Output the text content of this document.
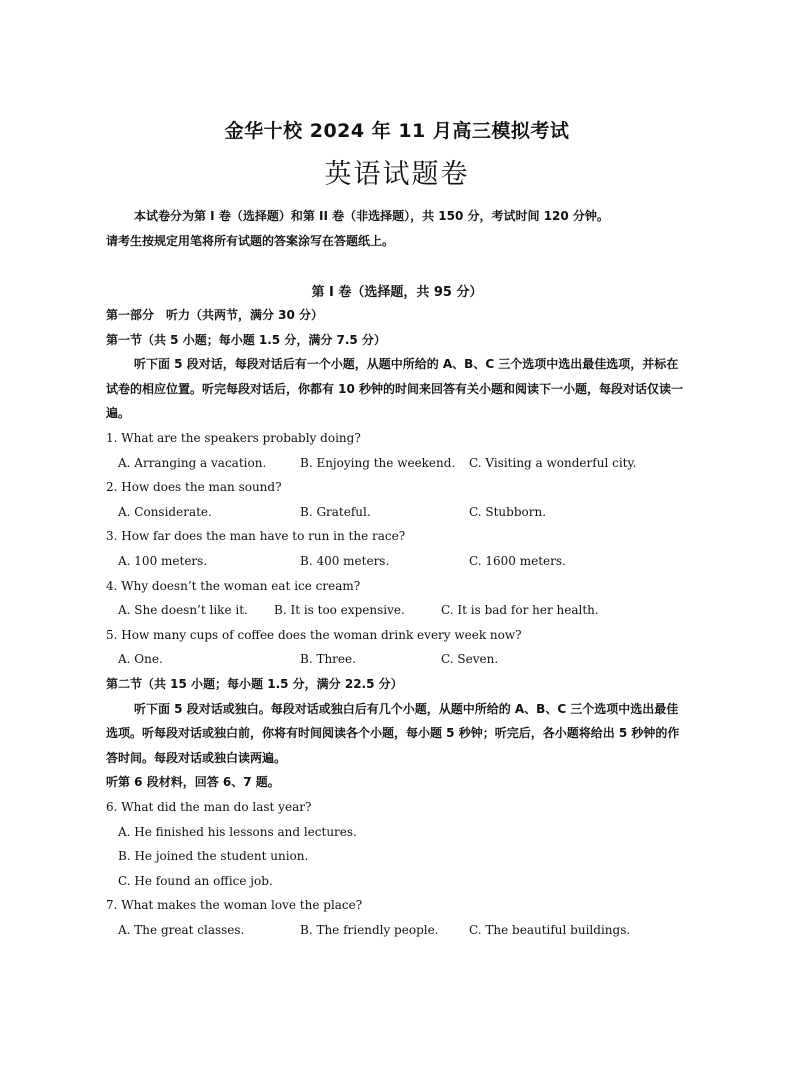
金华十校 2024 年 11 月高三模拟考试
英语试题卷

本试卷分为第 I 卷（选择题）和第 II 卷（非选择题），共 150 分，考试时间 120 分钟。

请考生按规定用笔将所有试题的答案涂写在答题纸上。

第 I 卷（选择题，共 95 分）
第一部分　听力（共两节，满分 30 分）
第一节（共 5 小题；每小题 1.5 分，满分 7.5 分）

听下面 5 段对话，每段对话后有一个小题，从题中所给的 A、B、C 三个选项中选出最佳选项，并标在试卷的相应位置。听完每段对话后，你都有 10 秒钟的时间来回答有关小题和阅读下一小题，每段对话仅读一遍。

1. What are the speakers probably doing?
A. Arranging a vacation.	B. Enjoying the weekend. C. Visiting a wonderful city.
2. How does the man sound?
A. Considerate.	B. Grateful.	C. Stubborn.
3. How far does the man have to run in the race?
A. 100 meters.	B. 400 meters.	C. 1600 meters.
4. Why doesn’t the woman eat ice cream?
A. She doesn’t like it. B. It is too expensive.	C. It is bad for her health.
5. How many cups of coffee does the woman drink every week now?
A. One.	B. Three.	C. Seven.
第二节（共 15 小题；每小题 1.5 分，满分 22.5 分）

听下面 5 段对话或独白。每段对话或独白后有几个小题，从题中所给的 A、B、C 三个选项中选出最佳选项。听每段对话或独白前，你将有时间阅读各个小题，每小题 5 秒钟；听完后，各小题将给出 5 秒钟的作答时间。每段对话或独白读两遍。

听第 6 段材料，回答 6、7 题。
6. What did the man do last year?
A. He finished his lessons and lectures.
B. He joined the student union.
C. He found an office job.
7. What makes the woman love the place?
A. The great classes.	B. The friendly people.	C. The beautiful buildings.
